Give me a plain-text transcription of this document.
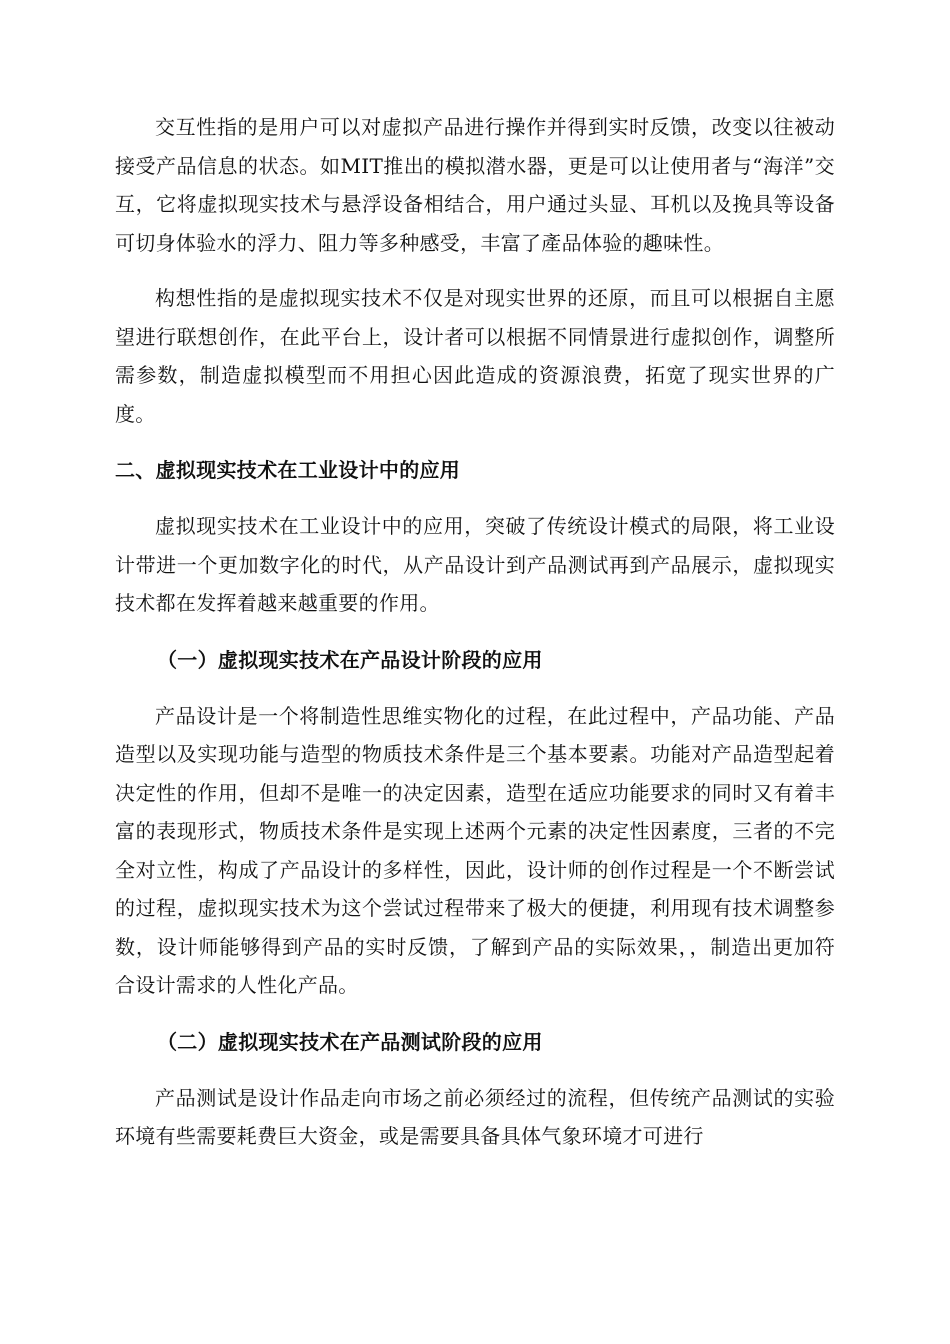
交互性指的是用户可以对虚拟产品进行操作并得到实时反馈，改变以往被动接受产品信息的状态。如MIT推出的模拟潜水器，更是可以让使用者与“海洋”交互，它将虚拟现实技术与悬浮设备相结合，用户通过头显、耳机以及挽具等设备可切身体验水的浮力、阻力等多种感受，丰富了產品体验的趣味性。

构想性指的是虚拟现实技术不仅是对现实世界的还原，而且可以根据自主愿望进行联想创作，在此平台上，设计者可以根据不同情景进行虚拟创作，调整所需参数，制造虚拟模型而不用担心因此造成的资源浪费，拓宽了现实世界的广度。

二、虚拟现实技术在工业设计中的应用

虚拟现实技术在工业设计中的应用，突破了传统设计模式的局限，将工业设计带进一个更加数字化的时代，从产品设计到产品测试再到产品展示，虚拟现实技术都在发挥着越来越重要的作用。

（一）虚拟现实技术在产品设计阶段的应用

产品设计是一个将制造性思维实物化的过程，在此过程中，产品功能、产品造型以及实现功能与造型的物质技术条件是三个基本要素。功能对产品造型起着决定性的作用，但却不是唯一的决定因素，造型在适应功能要求的同时又有着丰富的表现形式，物质技术条件是实现上述两个元素的决定性因素度，三者的不完全对立性，构成了产品设计的多样性，因此，设计师的创作过程是一个不断尝试的过程，虚拟现实技术为这个尝试过程带来了极大的便捷，利用现有技术调整参数，设计师能够得到产品的实时反馈，了解到产品的实际效果，，制造出更加符合设计需求的人性化产品。

（二）虚拟现实技术在产品测试阶段的应用

产品测试是设计作品走向市场之前必须经过的流程，但传统产品测试的实验环境有些需要耗费巨大资金，或是需要具备具体气象环境才可进行
